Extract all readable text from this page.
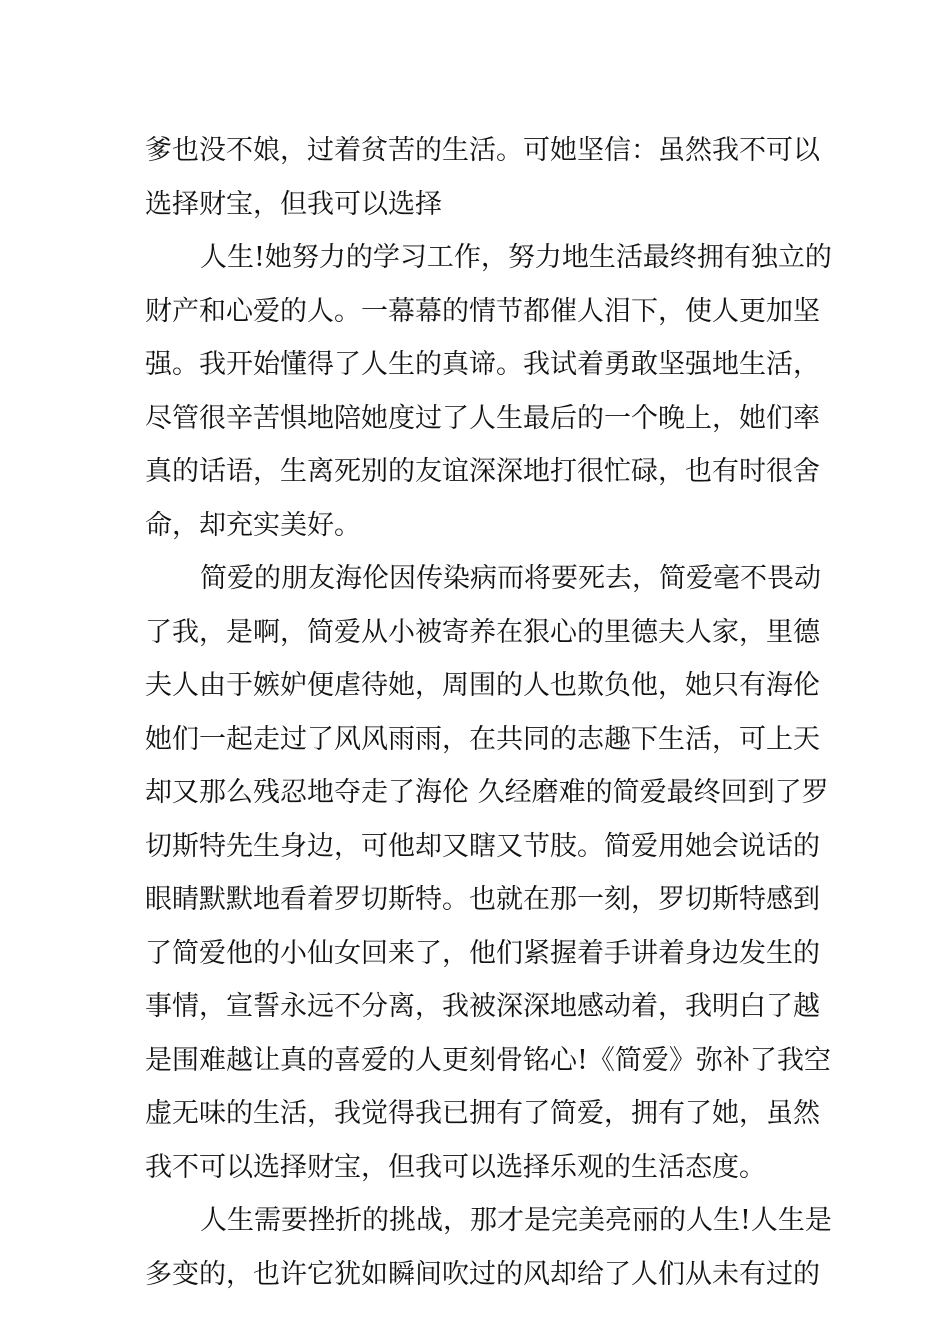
爹也没不娘，过着贫苦的生活。可她坚信：虽然我不可以
选择财宝，但我可以选择
人生!她努力的学习工作，努力地生活最终拥有独立的
财产和心爱的人。一幕幕的情节都催人泪下，使人更加坚
强。我开始懂得了人生的真谛。我试着勇敢坚强地生活，
尽管很辛苦惧地陪她度过了人生最后的一个晚上，她们率
真的话语，生离死别的友谊深深地打很忙碌，也有时很舍
命，却充实美好。
简爱的朋友海伦因传染病而将要死去，简爱毫不畏动
了我，是啊，简爱从小被寄养在狠心的里德夫人家，里德
夫人由于嫉妒便虐待她，周围的人也欺负他，她只有海伦
她们一起走过了风风雨雨，在共同的志趣下生活，可上天
却又那么残忍地夺走了海伦 久经磨难的简爱最终回到了罗
切斯特先生身边，可他却又瞎又节肢。简爱用她会说话的
眼睛默默地看着罗切斯特。也就在那一刻，罗切斯特感到
了简爱他的小仙女回来了，他们紧握着手讲着身边发生的
事情，宣誓永远不分离，我被深深地感动着，我明白了越
是围难越让真的喜爱的人更刻骨铭心!《简爱》弥补了我空
虚无味的生活，我觉得我已拥有了简爱，拥有了她，虽然
我不可以选择财宝，但我可以选择乐观的生活态度。
人生需要挫折的挑战，那才是完美亮丽的人生!人生是
多变的，也许它犹如瞬间吹过的风却给了人们从未有过的
